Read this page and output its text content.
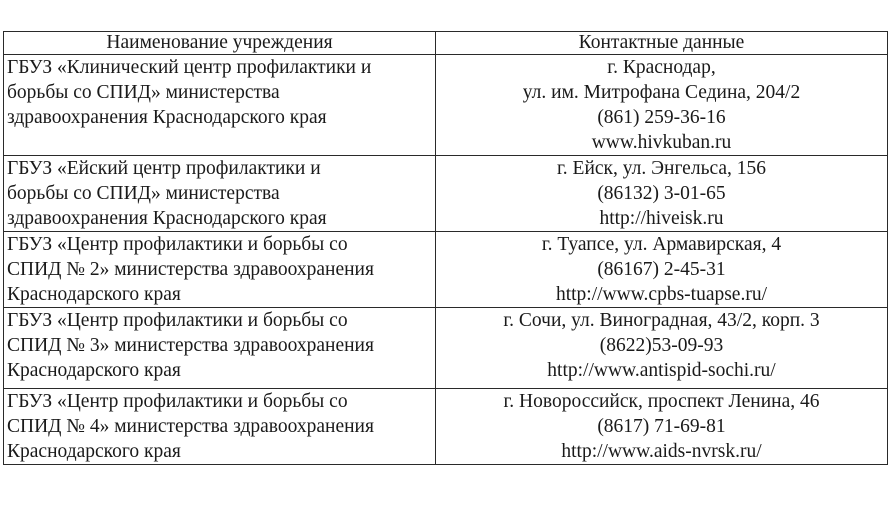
Наименование учреждения	Контактные данные
ГБУЗ «Клинический центр профилактики и
борьбы со СПИД» министерства
здравоохранения Краснодарского края	г. Краснодар,
ул. им. Митрофана Седина, 204/2
(861) 259-36-16
www.hivkuban.ru

ГБУЗ «Ейский центр профилактики и
борьбы со СПИД» министерства
здравоохранения Краснодарского края	г. Ейск, ул. Энгельса, 156
(86132) 3-01-65
http://hiveisk.ru

ГБУЗ «Центр профилактики и борьбы со
СПИД № 2» министерства здравоохранения
Краснодарского края	г. Туапсе, ул. Армавирская, 4
(86167) 2-45-31
http://www.cpbs-tuapse.ru/

ГБУЗ «Центр профилактики и борьбы со
СПИД № 3» министерства здравоохранения
Краснодарского края	г. Сочи, ул. Виноградная, 43/2, корп. 3
(8622)53-09-93
http://www.antispid-sochi.ru/

ГБУЗ «Центр профилактики и борьбы со
СПИД № 4» министерства здравоохранения
Краснодарского края	г. Новороссийск, проспект Ленина, 46
(8617) 71-69-81
http://www.aids-nvrsk.ru/
